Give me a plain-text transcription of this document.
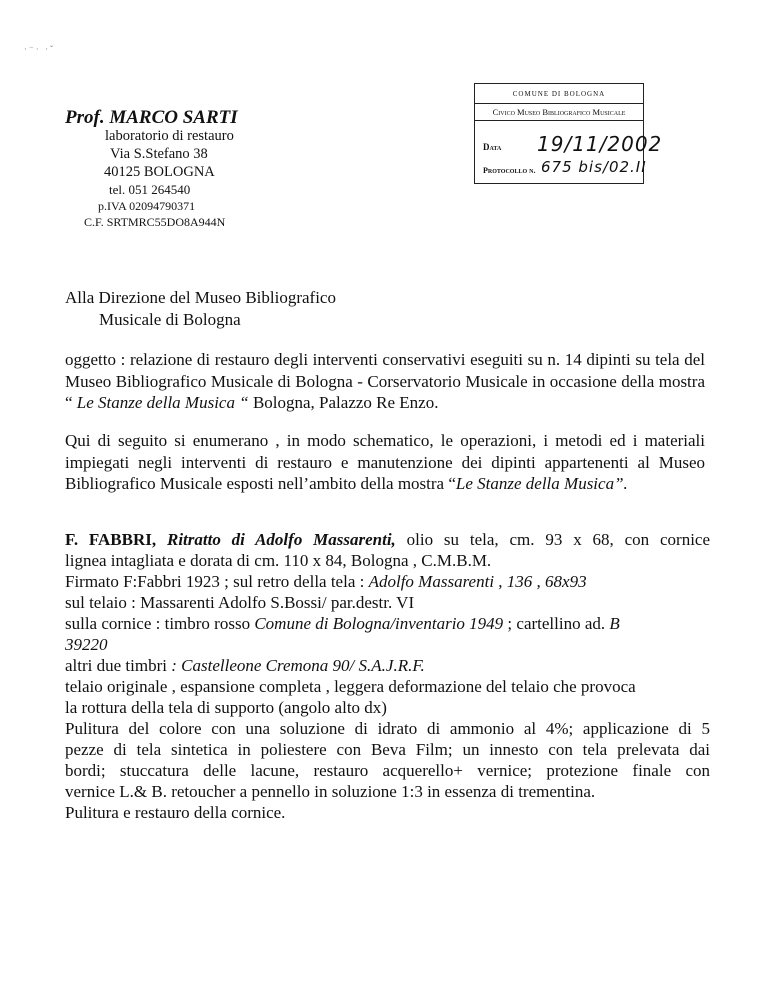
·⁻· ·ˇ
Prof. MARCO SARTI
laboratorio di restauro
Via S.Stefano 38
40125 BOLOGNA
tel. 051 264540
p.IVA 02094790371
C.F. SRTMRC55DO8A944N
COMUNE DI BOLOGNA
Civico Museo Bibliografico Musicale
Data 19/11/2002
Protocollo n. 675 bis/02.II
Alla Direzione del Museo Bibliografico
Musicale di Bologna

oggetto : relazione di restauro degli interventi conservativi eseguiti su n. 14 dipinti su tela del Museo Bibliografico Musicale di Bologna - Corservatorio Musicale in occasione della mostra “ Le Stanze della Musica “ Bologna, Palazzo Re Enzo.

Qui di seguito si enumerano , in modo schematico, le operazioni, i metodi ed i materiali impiegati negli interventi di restauro e manutenzione dei dipinti appartenenti al Museo Bibliografico Musicale esposti nell’ambito della mostra “Le Stanze della Musica”.

F. FABBRI, Ritratto di Adolfo Massarenti, olio su tela, cm. 93 x 68, con cornice
lignea intagliata e dorata di cm. 110 x 84, Bologna , C.M.B.M.
Firmato F:Fabbri 1923 ; sul retro della tela : Adolfo Massarenti , 136 , 68x93
sul telaio : Massarenti Adolfo S.Bossi/ par.destr. VI
sulla cornice : timbro rosso Comune di Bologna/inventario 1949 ; cartellino ad. B
39220
altri due timbri : Castelleone Cremona 90/ S.A.J.R.F.
telaio originale , espansione completa , leggera deformazione del telaio che provoca
la rottura della tela di supporto (angolo alto dx)
Pulitura del colore con una soluzione di idrato di ammonio al 4%; applicazione di 5
pezze di tela sintetica in poliestere con Beva Film; un innesto con tela prelevata dai
bordi; stuccatura delle lacune, restauro acquerello+ vernice; protezione finale con
vernice L.& B. retoucher a pennello in soluzione 1:3 in essenza di trementina.
Pulitura e restauro della cornice.
